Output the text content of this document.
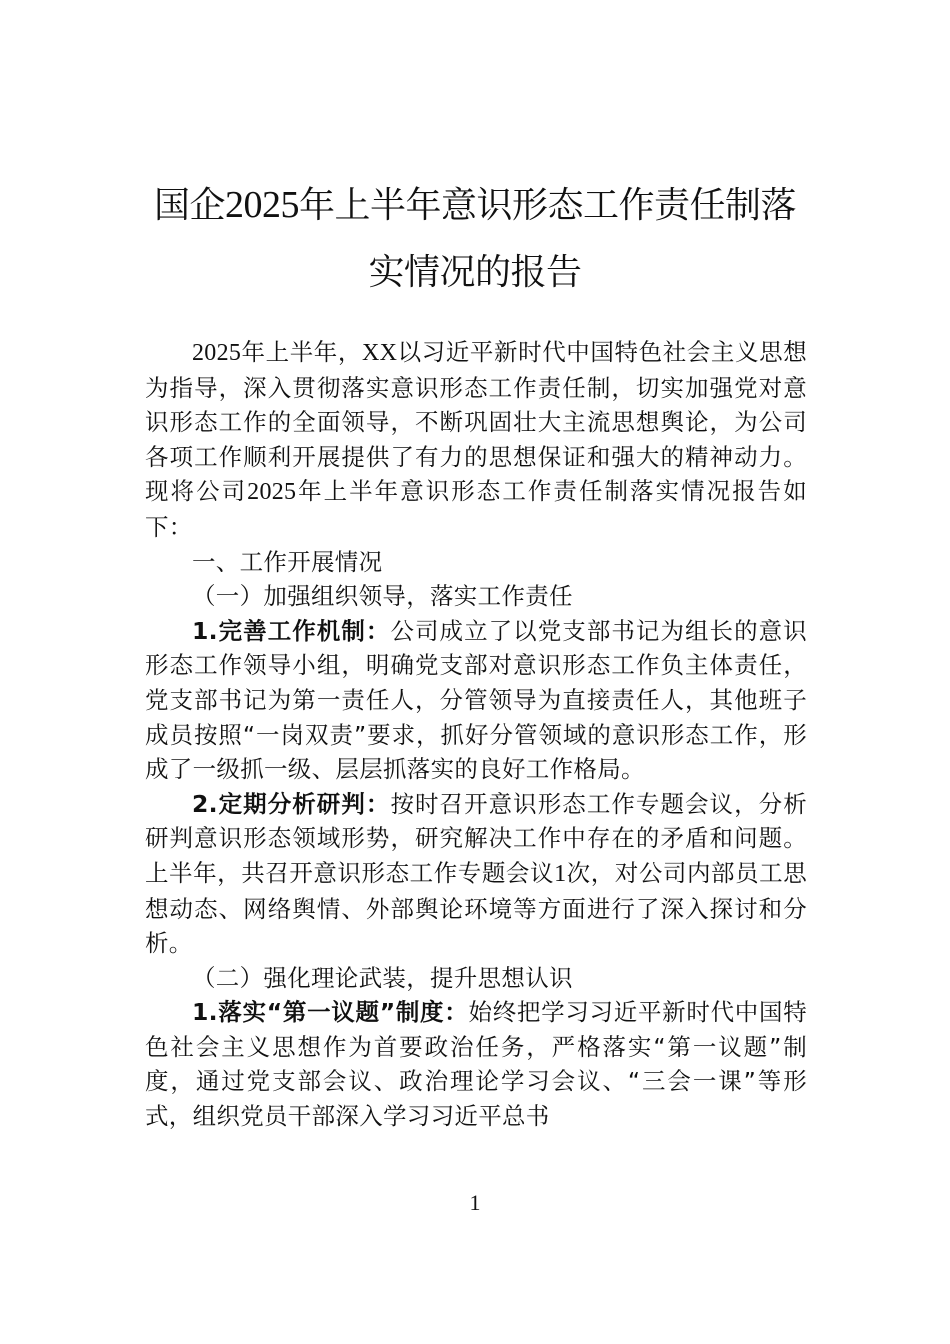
国企2025年上半年意识形态工作责任制落
实情况的报告

2025年上半年，XX以习近平新时代中国特色社会主义思想为指导，深入贯彻落实意识形态工作责任制，切实加强党对意识形态工作的全面领导，不断巩固壮大主流思想舆论，为公司各项工作顺利开展提供了有力的思想保证和强大的精神动力。现将公司2025年上半年意识形态工作责任制落实情况报告如下：

一、工作开展情况

（一）加强组织领导，落实工作责任

1.完善工作机制：公司成立了以党支部书记为组长的意识形态工作领导小组，明确党支部对意识形态工作负主体责任，党支部书记为第一责任人，分管领导为直接责任人，其他班子成员按照“一岗双责”要求，抓好分管领域的意识形态工作，形成了一级抓一级、层层抓落实的良好工作格局。

2.定期分析研判：按时召开意识形态工作专题会议，分析研判意识形态领域形势，研究解决工作中存在的矛盾和问题。上半年，共召开意识形态工作专题会议1次，对公司内部员工思想动态、网络舆情、外部舆论环境等方面进行了深入探讨和分析。

（二）强化理论武装，提升思想认识

1.落实“第一议题”制度：始终把学习习近平新时代中国特色社会主义思想作为首要政治任务，严格落实“第一议题”制度，通过党支部会议、政治理论学习会议、“三会一课”等形式，组织党员干部深入学习习近平总书

1
